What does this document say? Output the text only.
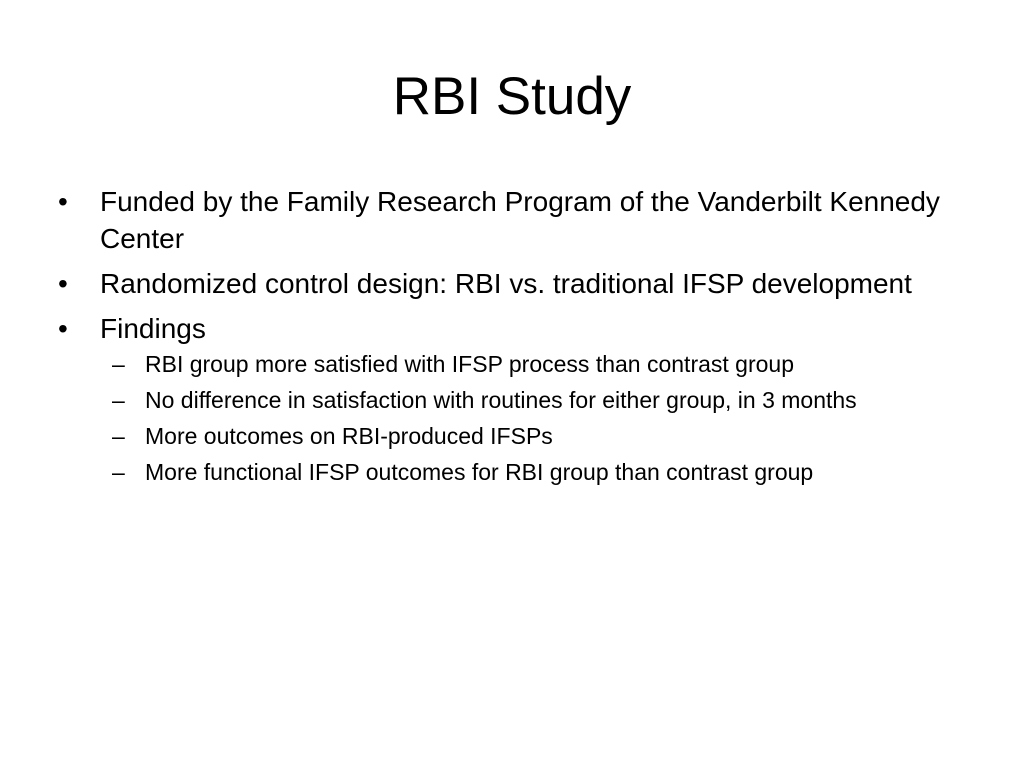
RBI Study
•	Funded by the Family Research Program of the Vanderbilt Kennedy Center
•	Randomized control design: RBI vs. traditional IFSP development
•	Findings
– RBI group more satisfied with IFSP process than contrast group
– No difference in satisfaction with routines for either group, in 3 months
– More outcomes on RBI-produced IFSPs
– More functional IFSP outcomes for RBI group than contrast group
